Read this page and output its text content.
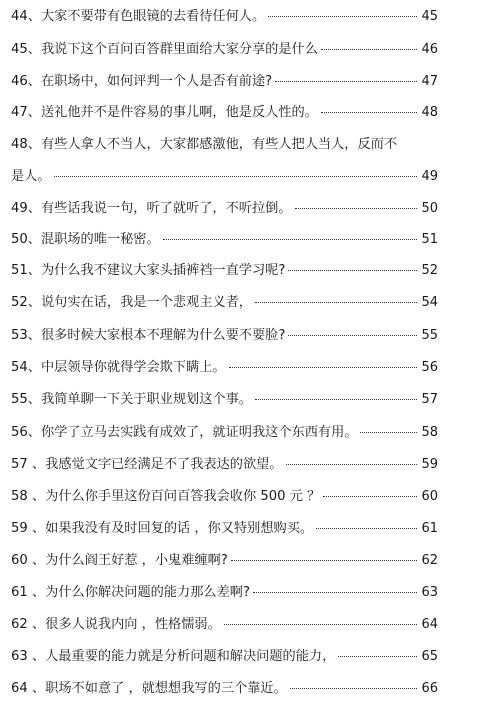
44、大家不要带有色眼镜的去看待任何人。	45
45、我说下这个百问百答群里面给大家分享的是什么	46
46、在职场中，如何评判一个人是否有前途?	47
47、送礼他并不是件容易的事儿啊，他是反人性的。	48
48、有些人拿人不当人，大家都感激他，有些人把人当人，反而不
是人。	49
49、有些话我说一句，听了就听了，不听拉倒。	50
50、混职场的唯一秘密。	51
51、为什么我不建议大家头插裤裆一直学习呢?	52
52、说句实在话，我是一个悲观主义者，	54
53、很多时候大家根本不理解为什么要不要脸?	55
54、中层领导你就得学会欺下瞒上。	56
55、我简单聊一下关于职业规划这个事。	57
56、你学了立马去实践有成效了，就证明我这个东西有用。	58
57 、我感觉文字已经满足不了我表达的欲望。	59
58 、为什么你手里这份百问百答我会收你 500 元 ？	60
59 、如果我没有及时回复的话 ，你又特别想购买。	61
60 、为什么阎王好惹 ，小鬼难缠啊?	62
61 、为什么你解决问题的能力那么差啊?	63
62 、很多人说我内向 ，性格懦弱。	64
63 、人最重要的能力就是分析问题和解决问题的能力，	65
64 、职场不如意了 ，就想想我写的三个靠近。	66
